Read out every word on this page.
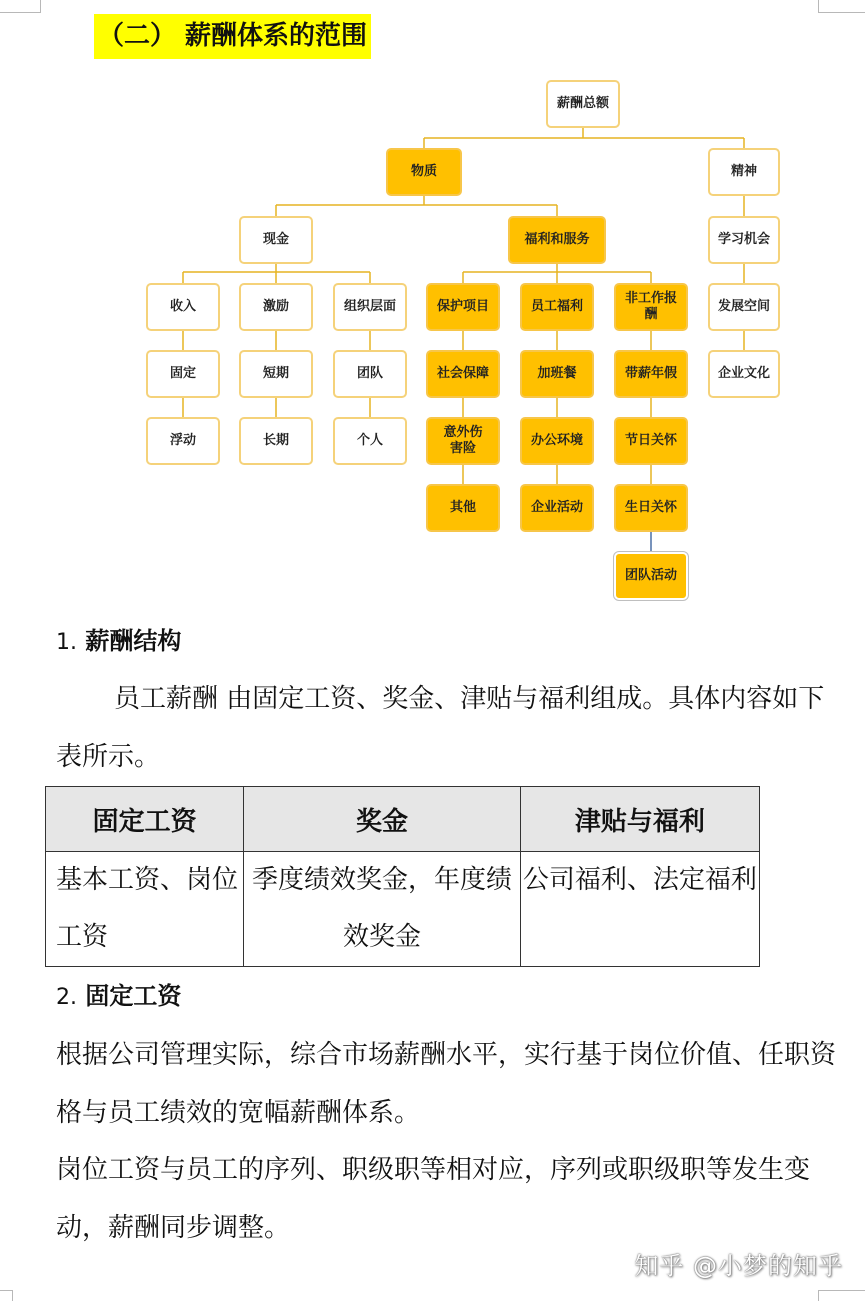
（二） 薪酬体系的范围
薪酬总额
物质	精神
现金	福利和服务
收入
固定
浮动
激励
短期
长期
组织层面
团队
个人
保护项目
社会保障
意外伤害险
其他
员工福利
加班餐
办公环境
企业活动
非工作报酬
带薪年假
节日关怀
生日关怀
团队活动
学习机会
发展空间
企业文化
1. 薪酬结构
员工薪酬 由固定工资、奖金、津贴与福利组成。具体内容如下表所示。
固定工资	奖金	津贴与福利
基本工资、岗位工资	季度绩效奖金，年度绩效奖金	公司福利、法定福利
2. 固定工资
根据公司管理实际，综合市场薪酬水平，实行基于岗位价值、任职资格与员工绩效的宽幅薪酬体系。
岗位工资与员工的序列、职级职等相对应，序列或职级职等发生变动，薪酬同步调整。
知乎 @小梦的知乎
